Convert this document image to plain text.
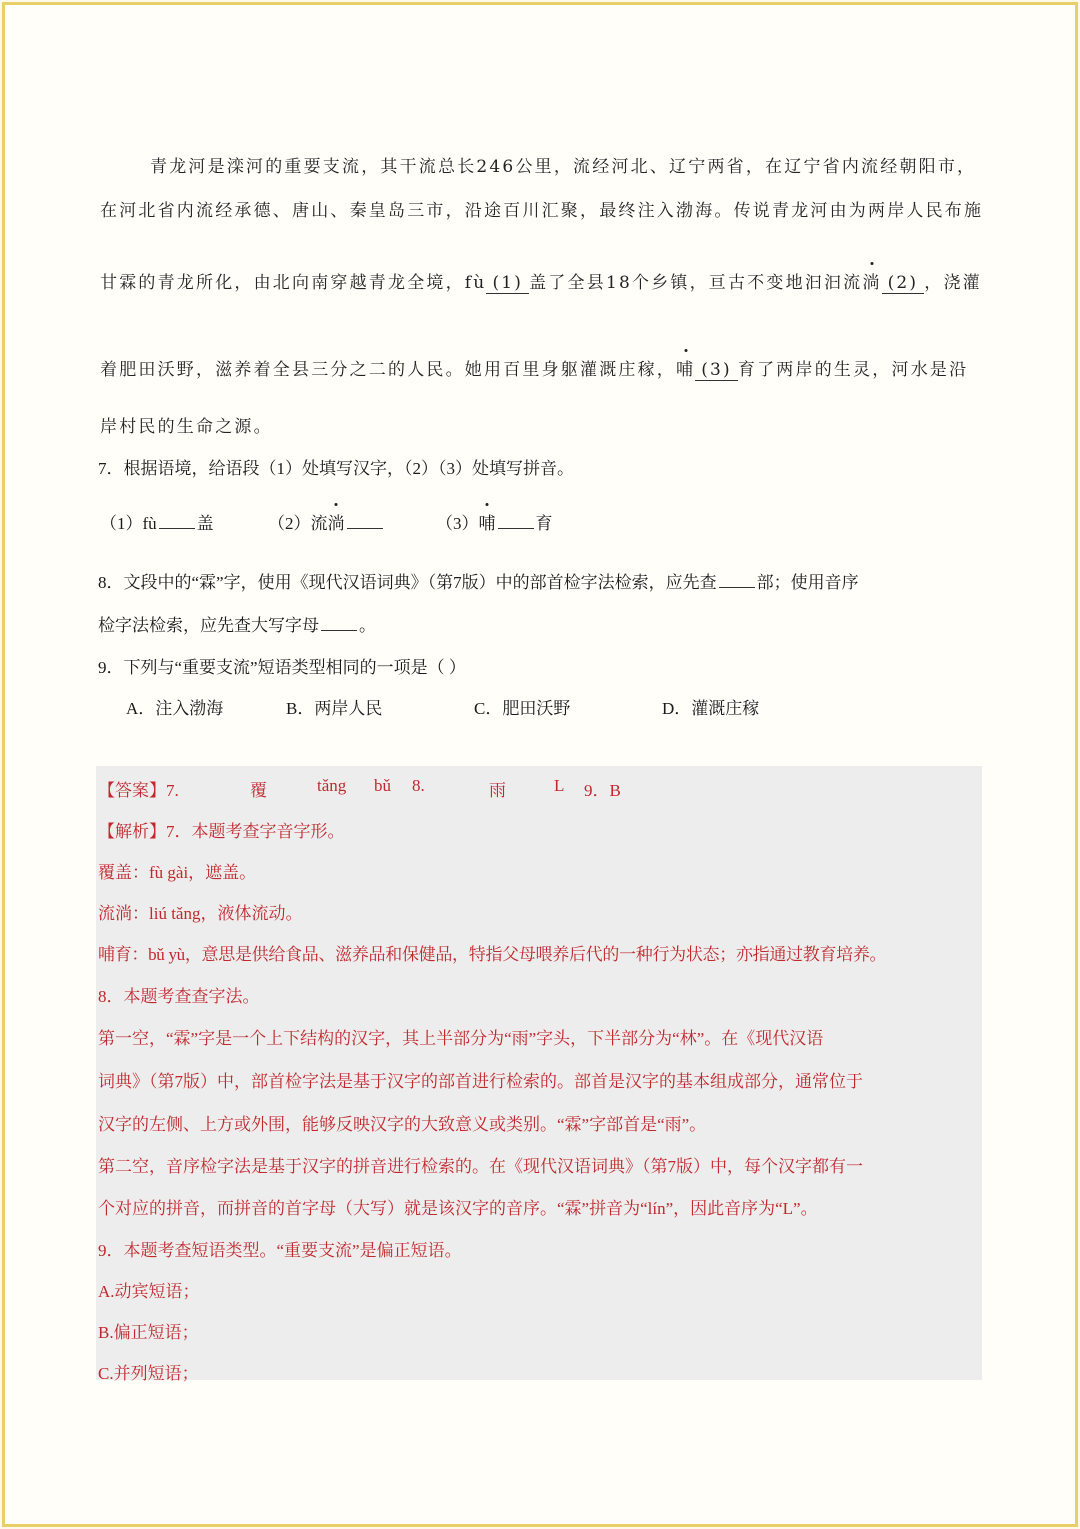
青龙河是滦河的重要支流，其干流总长246公里，流经河北、辽宁两省，在辽宁省内流经朝阳市，
在河北省内流经承德、唐山、秦皇岛三市，沿途百川汇聚，最终注入渤海。传说青龙河由为两岸人民布施
甘霖的青龙所化，由北向南穿越青龙全境，fù (1) 盖了全县18个乡镇，亘古不变地汩汩流淌 (2) ，浇灌
着肥田沃野，滋养着全县三分之二的人民。她用百里身躯灌溉庄稼，哺 (3) 育了两岸的生灵，河水是沿
岸村民的生命之源。
7．根据语境，给语段（1）处填写汉字，（2）（3）处填写拼音。
（1）fù 盖	（2）流淌	（3）哺 育
8．文段中的“霖”字，使用《现代汉语词典》（第7版）中的部首检字法检索，应先查 部；使用音序
检字法检索，应先查大写字母 。
9．下列与“重要支流”短语类型相同的一项是（ ）
A．注入渤海	B．两岸人民	C．肥田沃野	D．灌溉庄稼
【答案】7.	覆	tǎng bǔ 8.	雨	L 9．B
【解析】7．本题考查字音字形。
覆盖：fù gài，遮盖。
流淌：liú tǎng，液体流动。
哺育：bǔ yù，意思是供给食品、滋养品和保健品，特指父母喂养后代的一种行为状态；亦指通过教育培养。
8．本题考查查字法。
第一空，“霖”字是一个上下结构的汉字，其上半部分为“雨”字头，下半部分为“林”。在《现代汉语
词典》（第7版）中，部首检字法是基于汉字的部首进行检索的。部首是汉字的基本组成部分，通常位于
汉字的左侧、上方或外围，能够反映汉字的大致意义或类别。“霖”字部首是“雨”。
第二空，音序检字法是基于汉字的拼音进行检索的。在《现代汉语词典》（第7版）中，每个汉字都有一
个对应的拼音，而拼音的首字母（大写）就是该汉字的音序。“霖”拼音为“lín”，因此音序为“L”。
9．本题考查短语类型。“重要支流”是偏正短语。
A.动宾短语；
B.偏正短语；
C.并列短语；
